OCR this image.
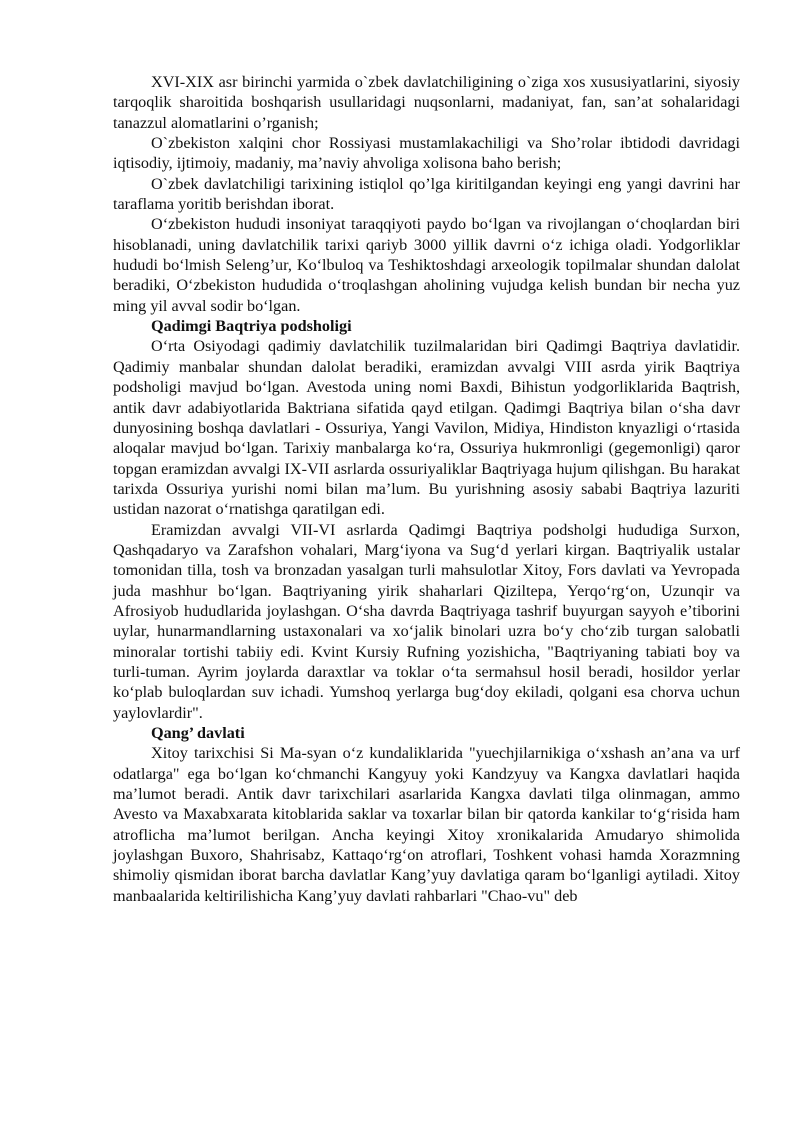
XVI-XIX asr birinchi yarmida o`zbek davlatchiligining o`ziga xos xususiyatlarini, siyosiy tarqoqlik sharoitida boshqarish usullaridagi nuqsonlarni, madaniyat, fan, san’at sohalaridagi tanazzul alomatlarini o’rganish;

O`zbekiston xalqini chor Rossiyasi mustamlakachiligi va Sho’rolar ibtidodi davridagi iqtisodiy, ijtimoiy, madaniy, ma’naviy ahvoliga xolisona baho berish;

O`zbek davlatchiligi tarixining istiqlol qo’lga kiritilgandan keyingi eng yangi davrini har taraflama yoritib berishdan iborat.

O‘zbekiston hududi insoniyat taraqqiyoti paydo bo‘lgan va rivojlangan o‘choqlardan biri hisoblanadi, uning davlatchilik tarixi qariyb 3000 yillik davrni o‘z ichiga oladi. Yodgorliklar hududi bo‘lmish Seleng’ur, Ko‘lbuloq va Teshiktoshdagi arxeologik topilmalar shundan dalolat beradiki, O‘zbekiston hududida o‘troqlashgan aholining vujudga kelish bundan bir necha yuz ming yil avval sodir bo‘lgan.

Qadimgi Baqtriya podsholigi

O‘rta Osiyodagi qadimiy davlatchilik tuzilmalaridan biri Qadimgi Baqtriya davlatidir. Qadimiy manbalar shundan dalolat beradiki, eramizdan avvalgi VIII asrda yirik Baqtriya podsholigi mavjud bo‘lgan. Avestoda uning nomi Baxdi, Bihistun yodgorliklarida Baqtrish, antik davr adabiyotlarida Baktriana sifatida qayd etilgan. Qadimgi Baqtriya bilan o‘sha davr dunyosining boshqa davlatlari - Ossuriya, Yangi Vavilon, Midiya, Hindiston knyazligi o‘rtasida aloqalar mavjud bo‘lgan. Tarixiy manbalarga ko‘ra, Ossuriya hukmronligi (gegemonligi) qaror topgan eramizdan avvalgi IX-VII asrlarda ossuriyaliklar Baqtriyaga hujum qilishgan. Bu harakat tarixda Ossuriya yurishi nomi bilan ma’lum. Bu yurishning asosiy sababi Baqtriya lazuriti ustidan nazorat o‘rnatishga qaratilgan edi.

Eramizdan avvalgi VII-VI asrlarda Qadimgi Baqtriya podsholgi hududiga Surxon, Qashqadaryo va Zarafshon vohalari, Marg‘iyona va Sug‘d yerlari kirgan. Baqtriyalik ustalar tomonidan tilla, tosh va bronzadan yasalgan turli mahsulotlar Xitoy, Fors davlati va Yevropada juda mashhur bo‘lgan. Baqtriyaning yirik shaharlari Qiziltepa, Yerqo‘rg‘on, Uzunqir va Afrosiyob hududlarida joylashgan. O‘sha davrda Baqtriyaga tashrif buyurgan sayyoh e’tiborini uylar, hunarmandlarning ustaxonalari va xo‘jalik binolari uzra bo‘y cho‘zib turgan salobatli minoralar tortishi tabiiy edi. Kvint Kursiy Rufning yozishicha, "Baqtriyaning tabiati boy va turli-tuman. Ayrim joylarda daraxtlar va toklar o‘ta sermahsul hosil beradi, hosildor yerlar ko‘plab buloqlardan suv ichadi. Yumshoq yerlarga bug‘doy ekiladi, qolgani esa chorva uchun yaylovlardir".

Qang’ davlati

Xitoy tarixchisi Si Ma-syan o‘z kundaliklarida "yuechjilarnikiga o‘xshash an’ana va urf odatlarga" ega bo‘lgan ko‘chmanchi Kangyuy yoki Kandzyuy va Kangxa davlatlari haqida ma’lumot beradi. Antik davr tarixchilari asarlarida Kangxa davlati tilga olinmagan, ammo Avesto va Maxabxarata kitoblarida saklar va toxarlar bilan bir qatorda kankilar to‘g‘risida ham atroflicha ma’lumot berilgan. Ancha keyingi Xitoy xronikalarida Amudaryo shimolida joylashgan Buxoro, Shahrisabz, Kattaqo‘rg‘on atroflari, Toshkent vohasi hamda Xorazmning shimoliy qismidan iborat barcha davlatlar Kang’yuy davlatiga qaram bo‘lganligi aytiladi. Xitoy manbaalarida keltirilishicha Kang’yuy davlati rahbarlari "Chao-vu" deb
